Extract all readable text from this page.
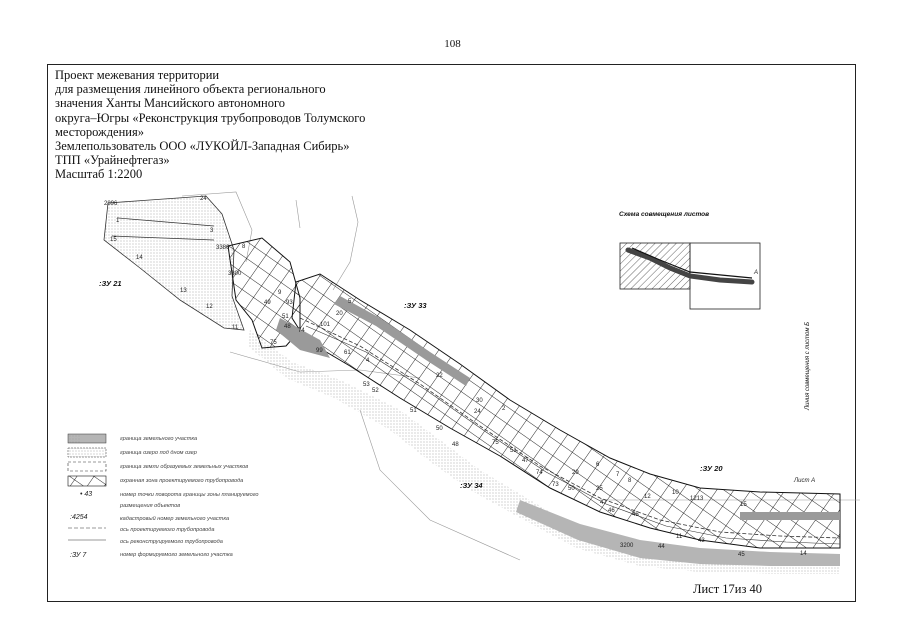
108
Проект межевания территории
для размещения линейного объекта регионального
значения Ханты Мансийского автономного
округа–Югры «Реконструкция трубопроводов Толумского
месторождения»
Землепользователь ООО «ЛУКОЙЛ-Западная Сибирь»
ТПП «Урайнефтегаз»
Масштаб 1:2200
:ЗУ 21
:ЗУ 33
:ЗУ 34
:ЗУ 20
Лист А
2896
24
1
15
3
14
13
12
11
3386 8
3300
9
49	93
51
48
74
75
101
20
5
99	61
4
53
52
22
51
30
24	2
50
75
48
51
47
74
73
29
50	25
6
7
8
47
46
45
12
10
1213
15
3200	44
11
43
45	14
граница земельного участка
граница озеро под дном озер
граница земли образуемых земельных участков
охранная зона проектируемого трубопровода
• 43	номер точки поворота границы зоны планируемого
размещения объектов
:4254	кадастровый номер земельного участка
ось проектируемого трубопровода
ось реконструируемого трубопровода
:ЗУ 7	номер формируемого земельного участка
Схема совмещения листов
А
Линия совмещения с листом Б
Лист 17из 40
